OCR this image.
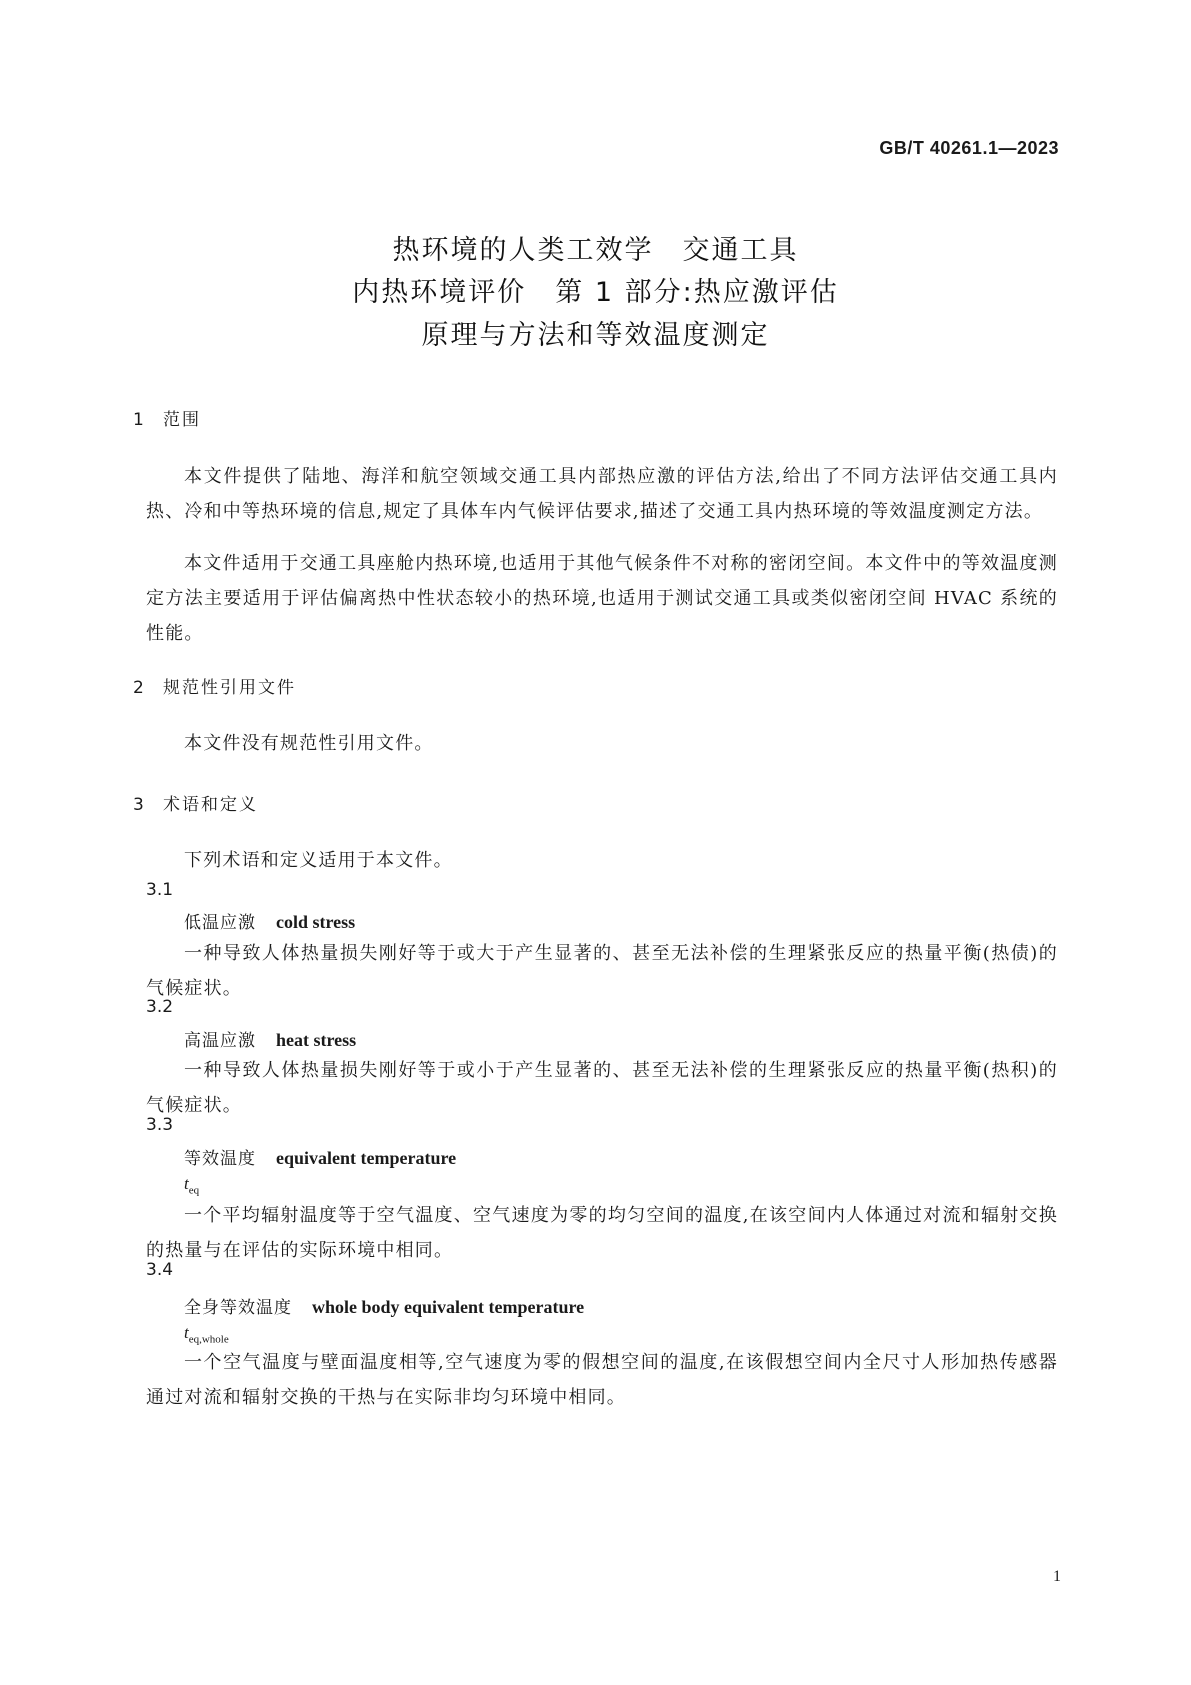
GB/T 40261.1—2023
热环境的人类工效学　交通工具
内热环境评价　第 1 部分:热应激评估
原理与方法和等效温度测定
1 范围
本文件提供了陆地、海洋和航空领域交通工具内部热应激的评估方法,给出了不同方法评估交通工具内热、冷和中等热环境的信息,规定了具体车内气候评估要求,描述了交通工具内热环境的等效温度测定方法。
本文件适用于交通工具座舱内热环境,也适用于其他气候条件不对称的密闭空间。本文件中的等效温度测定方法主要适用于评估偏离热中性状态较小的热环境,也适用于测试交通工具或类似密闭空间 HVAC 系统的性能。
2 规范性引用文件
本文件没有规范性引用文件。
3 术语和定义
下列术语和定义适用于本文件。
3.1
低温应激 cold stress
一种导致人体热量损失刚好等于或大于产生显著的、甚至无法补偿的生理紧张反应的热量平衡(热债)的气候症状。
3.2
高温应激 heat stress
一种导致人体热量损失刚好等于或小于产生显著的、甚至无法补偿的生理紧张反应的热量平衡(热积)的气候症状。
3.3
等效温度 equivalent temperature
$t_{eq}$
一个平均辐射温度等于空气温度、空气速度为零的均匀空间的温度,在该空间内人体通过对流和辐射交换的热量与在评估的实际环境中相同。
3.4
全身等效温度 whole body equivalent temperature
$t_{eq,whole}$
一个空气温度与壁面温度相等,空气速度为零的假想空间的温度,在该假想空间内全尺寸人形加热传感器通过对流和辐射交换的干热与在实际非均匀环境中相同。
1
